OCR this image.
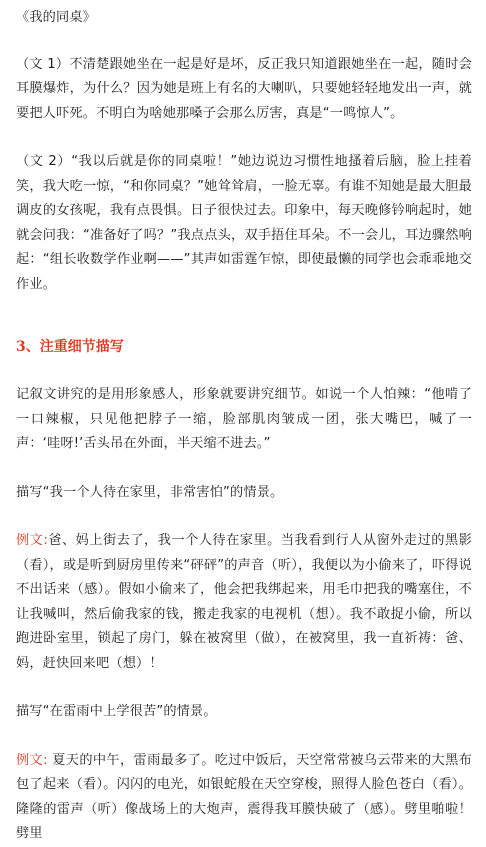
《我的同桌》

（文 1）不清楚跟她坐在一起是好是坏，反正我只知道跟她坐在一起，随时会耳膜爆炸，为什么？因为她是班上有名的大喇叭，只要她轻轻地发出一声，就要把人吓死。不明白为啥她那嗓子会那么厉害，真是“一鸣惊人”。

（文 2）“我以后就是你的同桌啦！”她边说边习惯性地搔着后脑，脸上挂着笑，我大吃一惊，“和你同桌？”她耸耸肩，一脸无辜。有谁不知她是最大胆最调皮的女孩呢，我有点畏惧。日子很快过去。印象中，每天晚修钤响起时，她就会问我：“准备好了吗？”我点点头，双手捂住耳朵。不一会儿，耳边骤然响起：“组长收数学作业啊——”其声如雷霆乍惊，即使最懒的同学也会乖乖地交作业。

3、注重细节描写

记叙文讲究的是用形象感人，形象就要讲究细节。如说一个人怕辣：“他啃了一口辣椒，只见他把脖子一缩，脸部肌肉皱成一团，张大嘴巴，喊了一声：‘哇呀!’舌头吊在外面，半天缩不进去。”

描写“我一个人待在家里，非常害怕”的情景。

例文:爸、妈上街去了，我一个人待在家里。当我看到行人从窗外走过的黑影（看），或是听到厨房里传来“砰砰”的声音（听），我便以为小偷来了，吓得说不出话来（感）。假如小偷来了，他会把我绑起来，用毛巾把我的嘴塞住，不让我喊叫，然后偷我家的钱，搬走我家的电视机（想）。我不敢捉小偷，所以跑进卧室里，锁起了房门，躲在被窝里（做），在被窝里，我一直祈祷：爸、妈，赶快回来吧（想）！

描写“在雷雨中上学很苦”的情景。

例文: 夏天的中午，雷雨最多了。吃过中饭后，天空常常被乌云带来的大黑布包了起来（看）。闪闪的电光，如银蛇般在天空穿梭，照得人脸色苍白（看）。隆隆的雷声（听）像战场上的大炮声，震得我耳膜快破了（感）。劈里啪啦！劈里
